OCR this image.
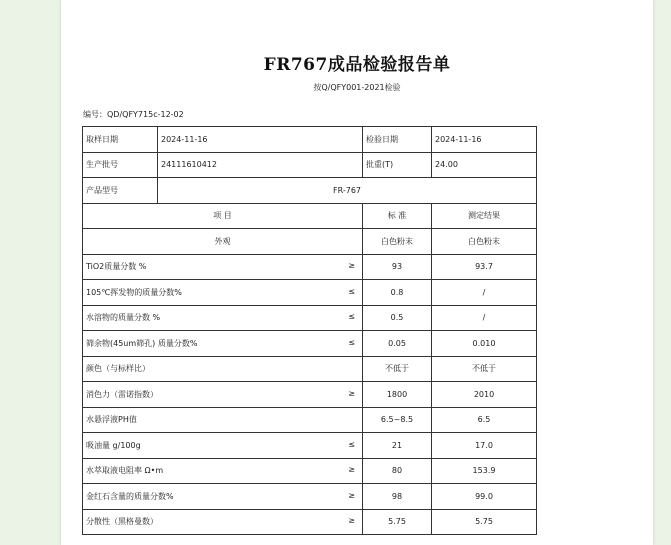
FR767成品检验报告单
按Q/QFY001-2021检验
编号：QD/QFY715c-12-02
取样日期	2024-11-16	检验日期	2024-11-16
生产批号	24111610412	批重(T)	24.00
产品型号	FR-767		
项 目		标 准	测定结果
外观		白色粉末	白色粉末

TiO2质量分数 % ≥		93	93.7

105℃挥发物的质量分数% ≤		0.8	/

水溶物的质量分数 % ≤		0.5	/

筛余物(45um筛孔) 质量分数% ≤		0.05	0.010

颜色（与标样比）		不低于	不低于

消色力（雷诺指数） ≥		1800	2010

水悬浮液PH值		6.5~8.5	6.5

吸油量 g/100g ≤		21	17.0

水萃取液电阻率 Ω•m ≥		80	153.9

金红石含量的质量分数% ≥		98	99.0

分散性（黑格曼数） ≥		5.75	5.75
